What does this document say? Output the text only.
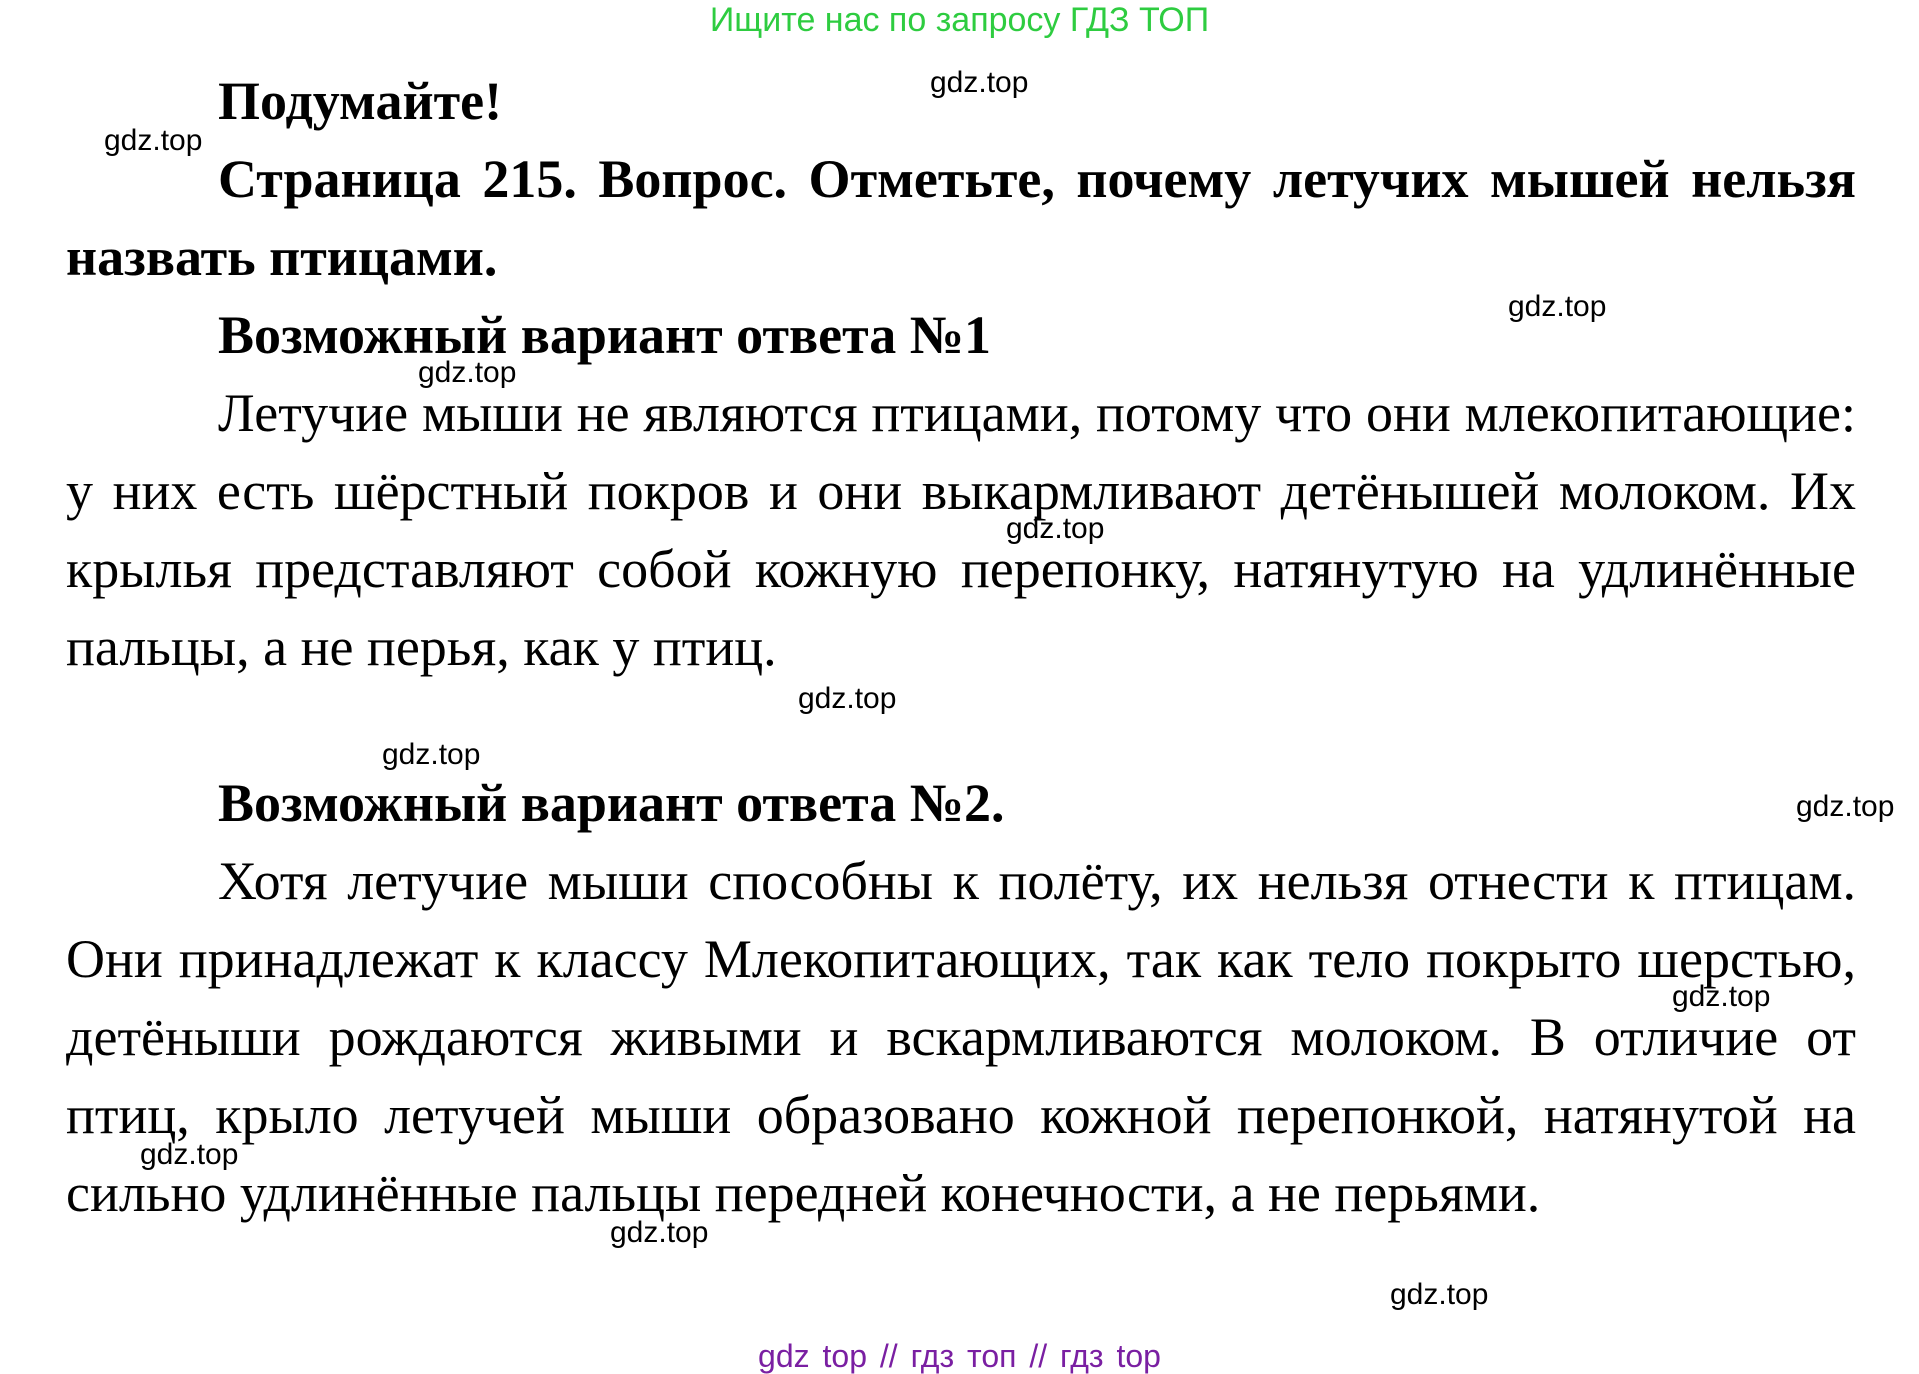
Ищите нас по запросу ГДЗ ТОП

Подумайте!

Страница 215. Вопрос. Отметьте, почему летучих мышей нельзя назвать птицами.

Возможный вариант ответа №1

Летучие мыши не являются птицами, потому что они млекопитающие: у них есть шёрстный покров и они выкармливают детёнышей молоком. Их крылья представляют собой кожную перепонку, натянутую на удлинённые пальцы, а не перья, как у птиц.

Возможный вариант ответа №2.

Хотя летучие мыши способны к полёту, их нельзя отнести к птицам. Они принадлежат к классу Млекопитающих, так как тело покрыто шерстью, детёныши рождаются живыми и вскармливаются молоком. В отличие от птиц, крыло летучей мыши образовано кожной перепонкой, натянутой на сильно удлинённые пальцы передней конечности, а не перьями.

gdz.top
gdz.top
gdz.top
gdz.top
gdz.top
gdz.top
gdz.top
gdz.top
gdz.top
gdz.top
gdz.top
gdz.top
gdz top // гдз топ // гдз top
